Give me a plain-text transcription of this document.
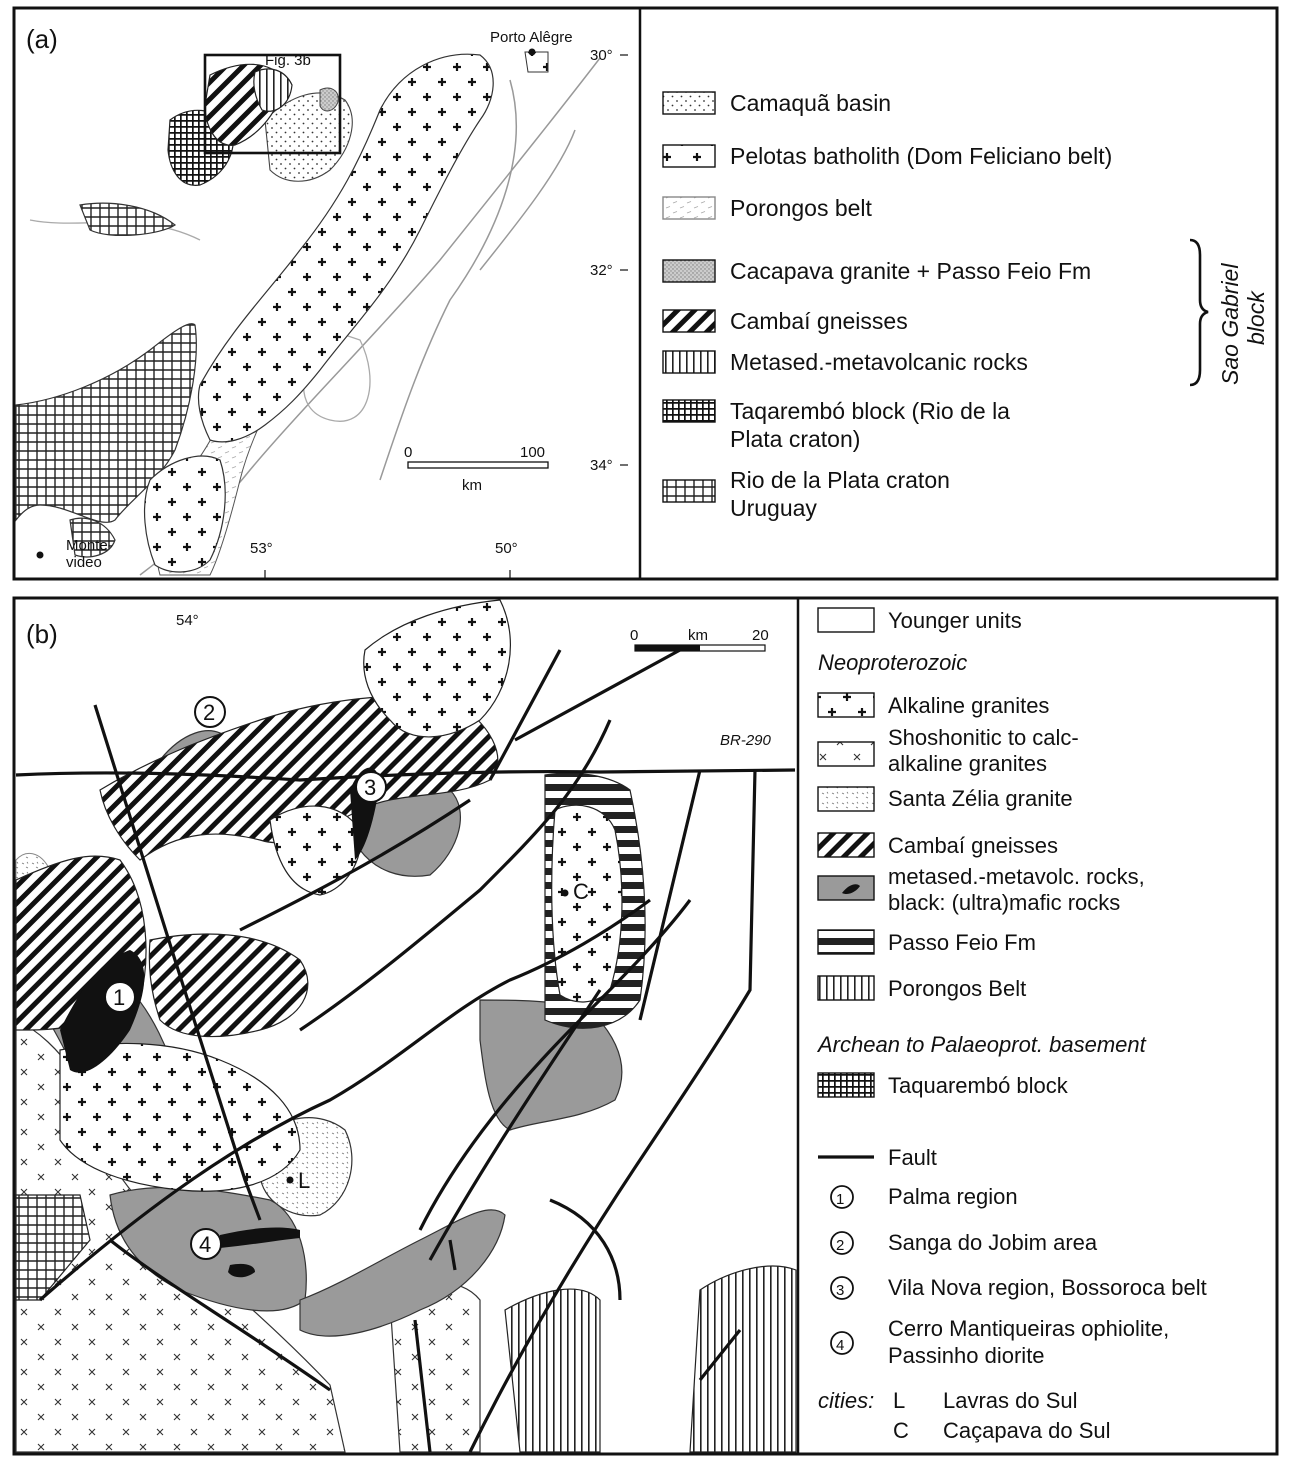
Fig. 3b
Porto Alêgre
Monte-
video
30°
32°
34°
53°	50°
0	100
km
(a)
Camaquã basin
Pelotas batholith (Dom Feliciano belt)
Porongos belt
Cacapava granite + Passo Feio Fm
Cambaí gneisses
Metased.-metavolcanic rocks
Taqarembó block (Rio de la
Plata craton)
Rio de la Plata craton
Uruguay
Sao Gabriel block
1
2
3
4
L
C
0	km	20
BR-290
54°
(b)	Younger units
Neoproterozoic
Alkaline granites
Shoshonitic to calc-
alkaline granites
Santa Zélia granite
Cambaí gneisses
metased.-metavolc. rocks,
black: (ultra)mafic rocks
Passo Feio Fm
Porongos Belt
Archean to Palaeoprot. basement
Taquarembó block
Fault
1 Palma region
2 Sanga do Jobim area
3 Vila Nova region, Bossoroca belt
4
Cerro Mantiqueiras ophiolite,
Passinho diorite
cities: L Lavras do Sul
C Caçapava do Sul
